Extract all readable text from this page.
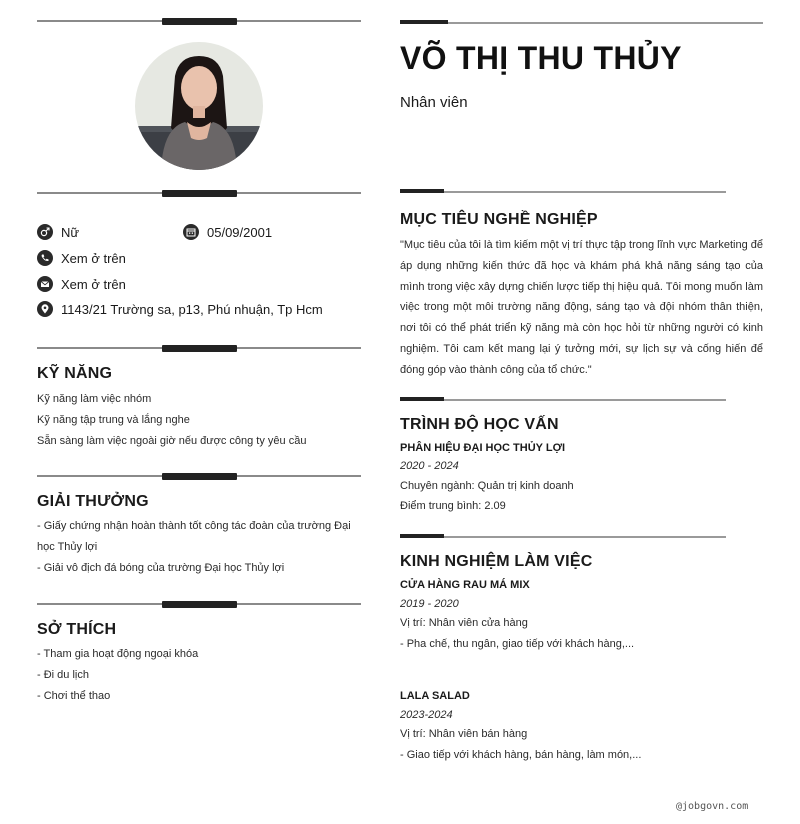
Nữ	05/09/2001
Xem ở trên
Xem ở trên
1143/21 Trường sa, p13, Phú nhuận, Tp Hcm
KỸ NĂNG
Kỹ năng làm việc nhóm
Kỹ năng tập trung và lắng nghe
Sẵn sàng làm việc ngoài giờ nếu được công ty yêu cầu
GIẢI THƯỞNG
- Giấy chứng nhận hoàn thành tốt công tác đoàn của trường Đại
học Thủy lợi
- Giải vô địch đá bóng của trường Đại học Thủy lợi
SỞ THÍCH
- Tham gia hoạt động ngoại khóa
- Đi du lịch
- Chơi thể thao
VÕ THỊ THU THỦY
Nhân viên
MỤC TIÊU NGHỀ NGHIỆP
"Mục tiêu của tôi là tìm kiếm một vị trí thực tập trong lĩnh vực Marketing để áp dụng những kiến thức đã học và khám phá khả năng sáng tạo của mình trong việc xây dựng chiến lược tiếp thị hiệu quả. Tôi mong muốn làm việc trong một môi trường năng động, sáng tạo và đội nhóm thân thiện, nơi tôi có thể phát triển kỹ năng mà còn học hỏi từ những người có kinh nghiệm. Tôi cam kết mang lại ý tưởng mới, sự lịch sự và cống hiến để đóng góp vào thành công của tổ chức."
TRÌNH ĐỘ HỌC VẤN
PHÂN HIỆU ĐẠI HỌC THỦY LỢI
2020 - 2024
Chuyên ngành: Quản trị kinh doanh
Điểm trung bình: 2.09
KINH NGHIỆM LÀM VIỆC
CỬA HÀNG RAU MÁ MIX
2019 - 2020
Vị trí: Nhân viên cửa hàng
- Pha chế, thu ngân, giao tiếp với khách hàng,...
LALA SALAD
2023-2024
Vị trí: Nhân viên bán hàng
- Giao tiếp với khách hàng, bán hàng, làm món,...
@jobgovn.com
